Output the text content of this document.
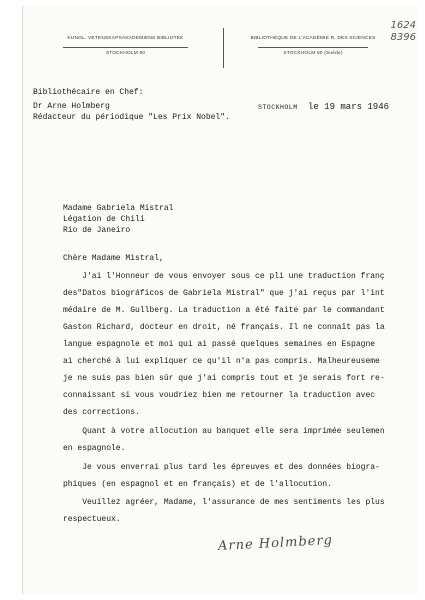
KUNGL. VETENSKAPSAKADEMIENS BIBLIOTEK
STOCKHOLM 50
BIBLIOTHÈQUE DE L'ACADÉMIE R. DES SCIENCES
STOCKHOLM 50 (Suède)
1624
8396
Bibliothécaire en Chef:
Dr Arne Holmberg
Rédacteur du périodique "Les Prix Nobel".
STOCKHOLM le 19 mars 1946
Madame Gabriela Mistral
Légation de Chili
Rio de Janeiro
Chère Madame Mistral,
J'ai l'Honneur de vous envoyer sous ce pli une traduction franç
des"Datos biográficos de Gabriela Mistral" que j'ai reçus par l'int
médaire de M. Gullberg. La traduction a été faite par le commandant
Gaston Richard, docteur en droit, né français. Il ne connaît pas la
langue espagnole et moi qui ai passé quelques semaines en Espagne
ai cherché à lui expliquer ce qu'il n'a pas compris. Malheureuseme
je ne suis pas bien sûr que j'ai compris tout et je serais fort re-
connaissant si vous voudriez bien me retourner la traduction avec
des corrections.
Quant à votre allocution au banquet elle sera imprimée seulemen
en espagnole.
Je vous enverrai plus tard les épreuves et des données biogra-
phiques (en espagnol et en français) et de l'allocution.
Veuillez agréer, Madame, l'assurance de mes sentiments les plus
respectueux.
Arne Holmberg
